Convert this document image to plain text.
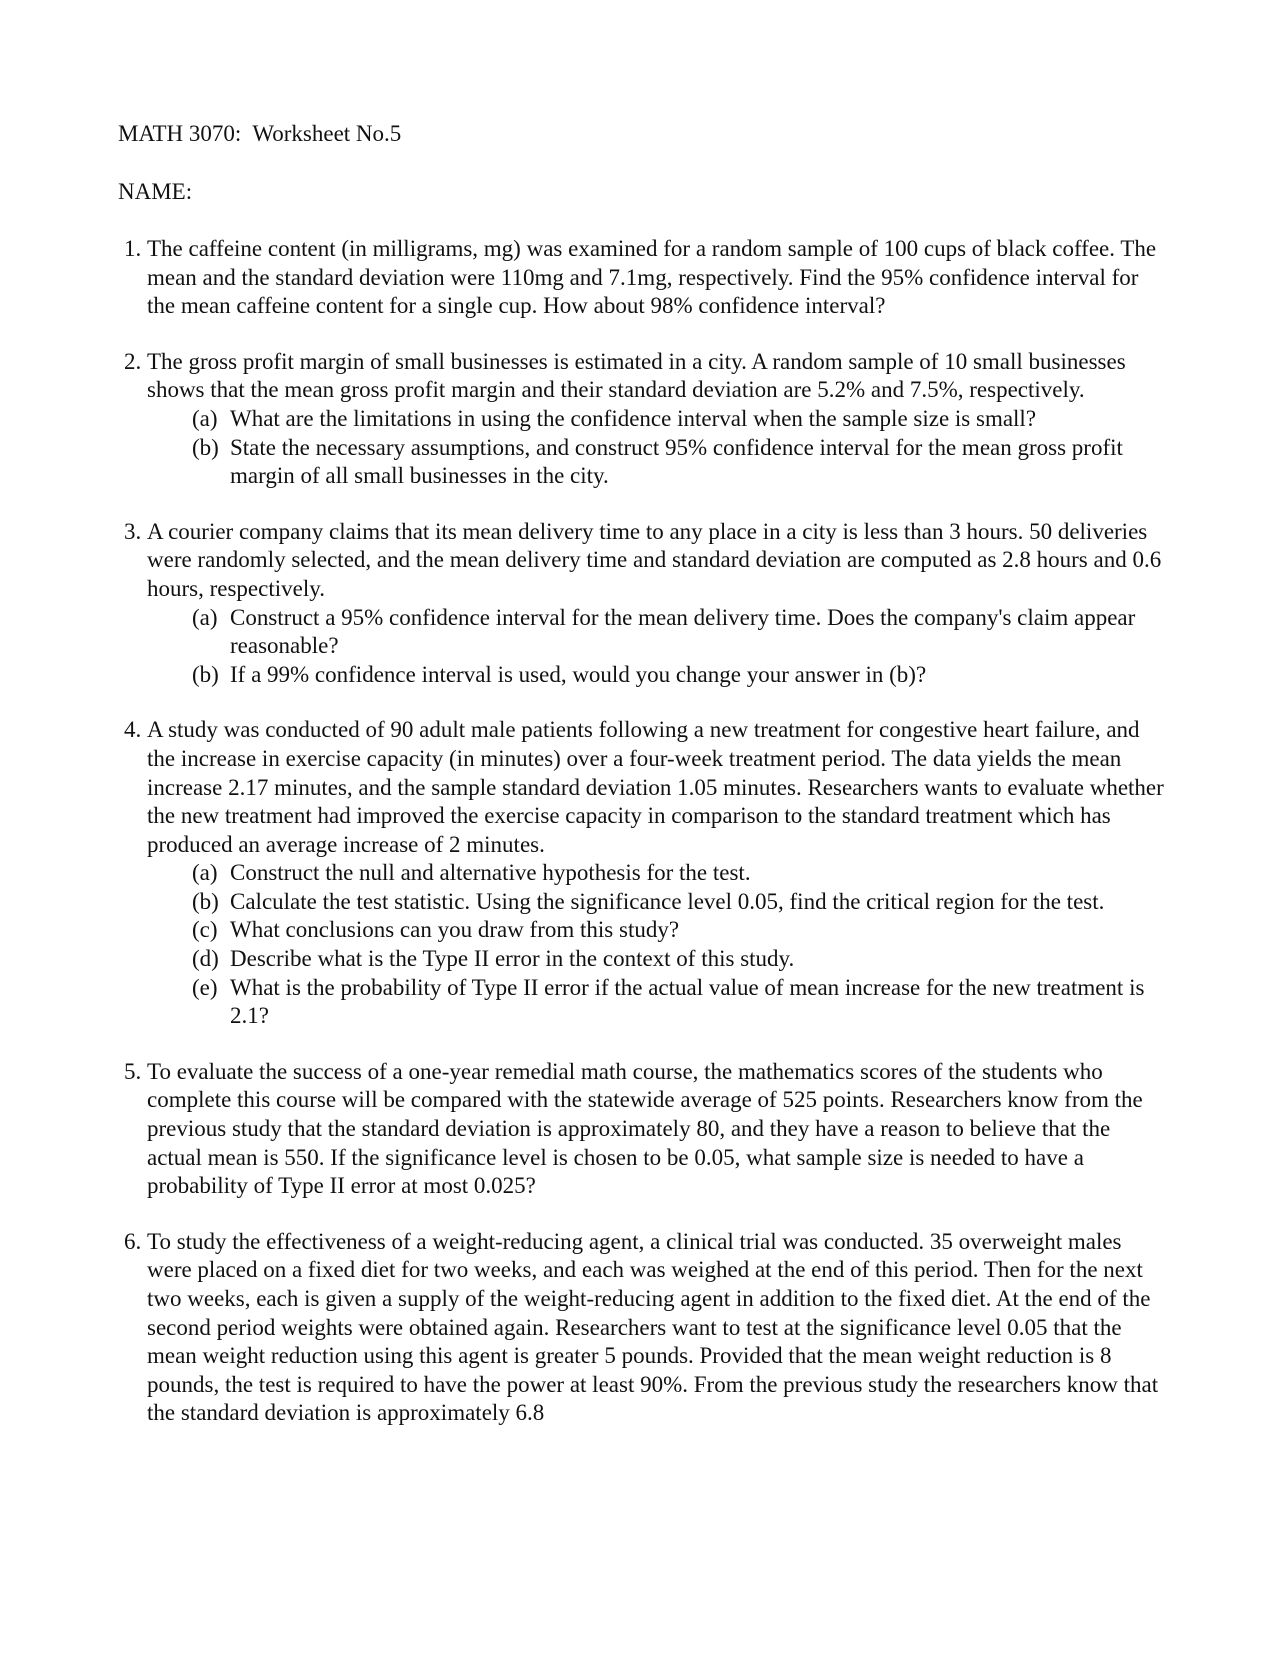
MATH 3070:  Worksheet No.5
NAME:
1. The caffeine content (in milligrams, mg) was examined for a random sample of 100 cups of black coffee. The mean and the standard deviation were 110mg and 7.1mg, respectively. Find the 95% confidence interval for the mean caffeine content for a single cup. How about 98% confidence interval?
2. The gross profit margin of small businesses is estimated in a city. A random sample of 10 small businesses shows that the mean gross profit margin and their standard deviation are 5.2% and 7.5%, respectively.
(a) What are the limitations in using the confidence interval when the sample size is small?
(b) State the necessary assumptions, and construct 95% confidence interval for the mean gross profit margin of all small businesses in the city.
3. A courier company claims that its mean delivery time to any place in a city is less than 3 hours. 50 deliveries were randomly selected, and the mean delivery time and standard deviation are computed as 2.8 hours and 0.6 hours, respectively.
(a) Construct a 95% confidence interval for the mean delivery time. Does the company's claim appear reasonable?
(b) If a 99% confidence interval is used, would you change your answer in (b)?
4. A study was conducted of 90 adult male patients following a new treatment for congestive heart failure, and the increase in exercise capacity (in minutes) over a four-week treatment period. The data yields the mean increase 2.17 minutes, and the sample standard deviation 1.05 minutes. Researchers wants to evaluate whether the new treatment had improved the exercise capacity in comparison to the standard treatment which has produced an average increase of 2 minutes.
(a) Construct the null and alternative hypothesis for the test.
(b) Calculate the test statistic. Using the significance level 0.05, find the critical region for the test.
(c) What conclusions can you draw from this study?
(d) Describe what is the Type II error in the context of this study.
(e) What is the probability of Type II error if the actual value of mean increase for the new treatment is 2.1?
5. To evaluate the success of a one-year remedial math course, the mathematics scores of the students who complete this course will be compared with the statewide average of 525 points. Researchers know from the previous study that the standard deviation is approximately 80, and they have a reason to believe that the actual mean is 550. If the significance level is chosen to be 0.05, what sample size is needed to have a probability of Type II error at most 0.025?
6. To study the effectiveness of a weight-reducing agent, a clinical trial was conducted. 35 overweight males were placed on a fixed diet for two weeks, and each was weighed at the end of this period. Then for the next two weeks, each is given a supply of the weight-reducing agent in addition to the fixed diet. At the end of the second period weights were obtained again. Researchers want to test at the significance level 0.05 that the mean weight reduction using this agent is greater 5 pounds. Provided that the mean weight reduction is 8 pounds, the test is required to have the power at least 90%. From the previous study the researchers know that the standard deviation is approximately 6.8
